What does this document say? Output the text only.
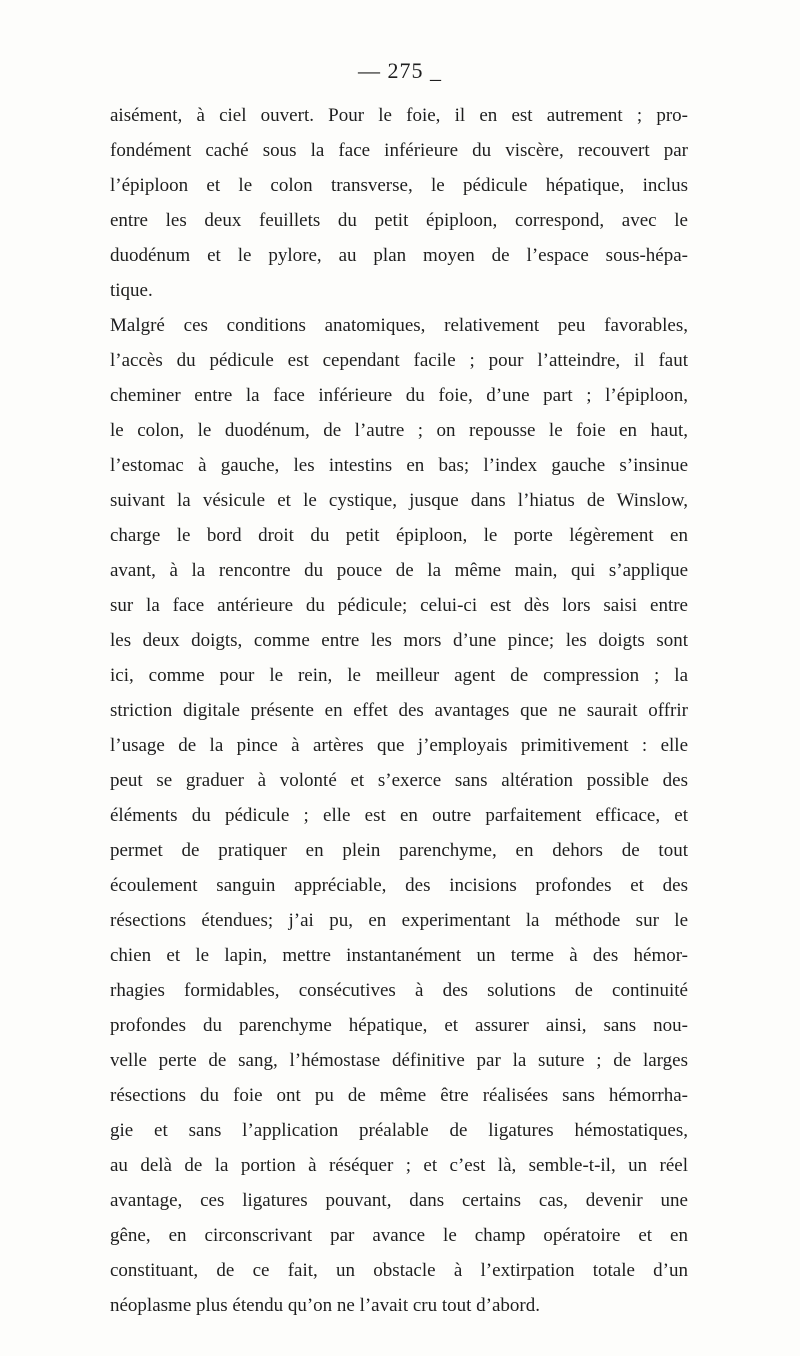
— 275 _
aisément, à ciel ouvert. Pour le foie, il en est autrement ; pro-
fondément caché sous la face inférieure du viscère, recouvert par
l’épiploon et le colon transverse, le pédicule hépatique, inclus
entre les deux feuillets du petit épiploon, correspond, avec le
duodénum et le pylore, au plan moyen de l’espace sous-hépa-
tique.
Malgré ces conditions anatomiques, relativement peu favorables,
l’accès du pédicule est cependant facile ; pour l’atteindre, il faut
cheminer entre la face inférieure du foie, d’une part ; l’épiploon,
le colon, le duodénum, de l’autre ; on repousse le foie en haut,
l’estomac à gauche, les intestins en bas; l’index gauche s’insinue
suivant la vésicule et le cystique, jusque dans l’hiatus de Winslow,
charge le bord droit du petit épiploon, le porte légèrement en
avant, à la rencontre du pouce de la même main, qui s’applique
sur la face antérieure du pédicule; celui-ci est dès lors saisi entre
les deux doigts, comme entre les mors d’une pince; les doigts sont
ici, comme pour le rein, le meilleur agent de compression ; la
striction digitale présente en effet des avantages que ne saurait offrir
l’usage de la pince à artères que j’employais primitivement : elle
peut se graduer à volonté et s’exerce sans altération possible des
éléments du pédicule ; elle est en outre parfaitement efficace, et
permet de pratiquer en plein parenchyme, en dehors de tout
écoulement sanguin appréciable, des incisions profondes et des
résections étendues; j’ai pu, en experimentant la méthode sur le
chien et le lapin, mettre instantanément un terme à des hémor-
rhagies formidables, consécutives à des solutions de continuité
profondes du parenchyme hépatique, et assurer ainsi, sans nou-
velle perte de sang, l’hémostase définitive par la suture ; de larges
résections du foie ont pu de même être réalisées sans hémorrha-
gie et sans l’application préalable de ligatures hémostatiques,
au delà de la portion à réséquer ; et c’est là, semble-t-il, un réel
avantage, ces ligatures pouvant, dans certains cas, devenir une
gêne, en circonscrivant par avance le champ opératoire et en
constituant, de ce fait, un obstacle à l’extirpation totale d’un
néoplasme plus étendu qu’on ne l’avait cru tout d’abord.
